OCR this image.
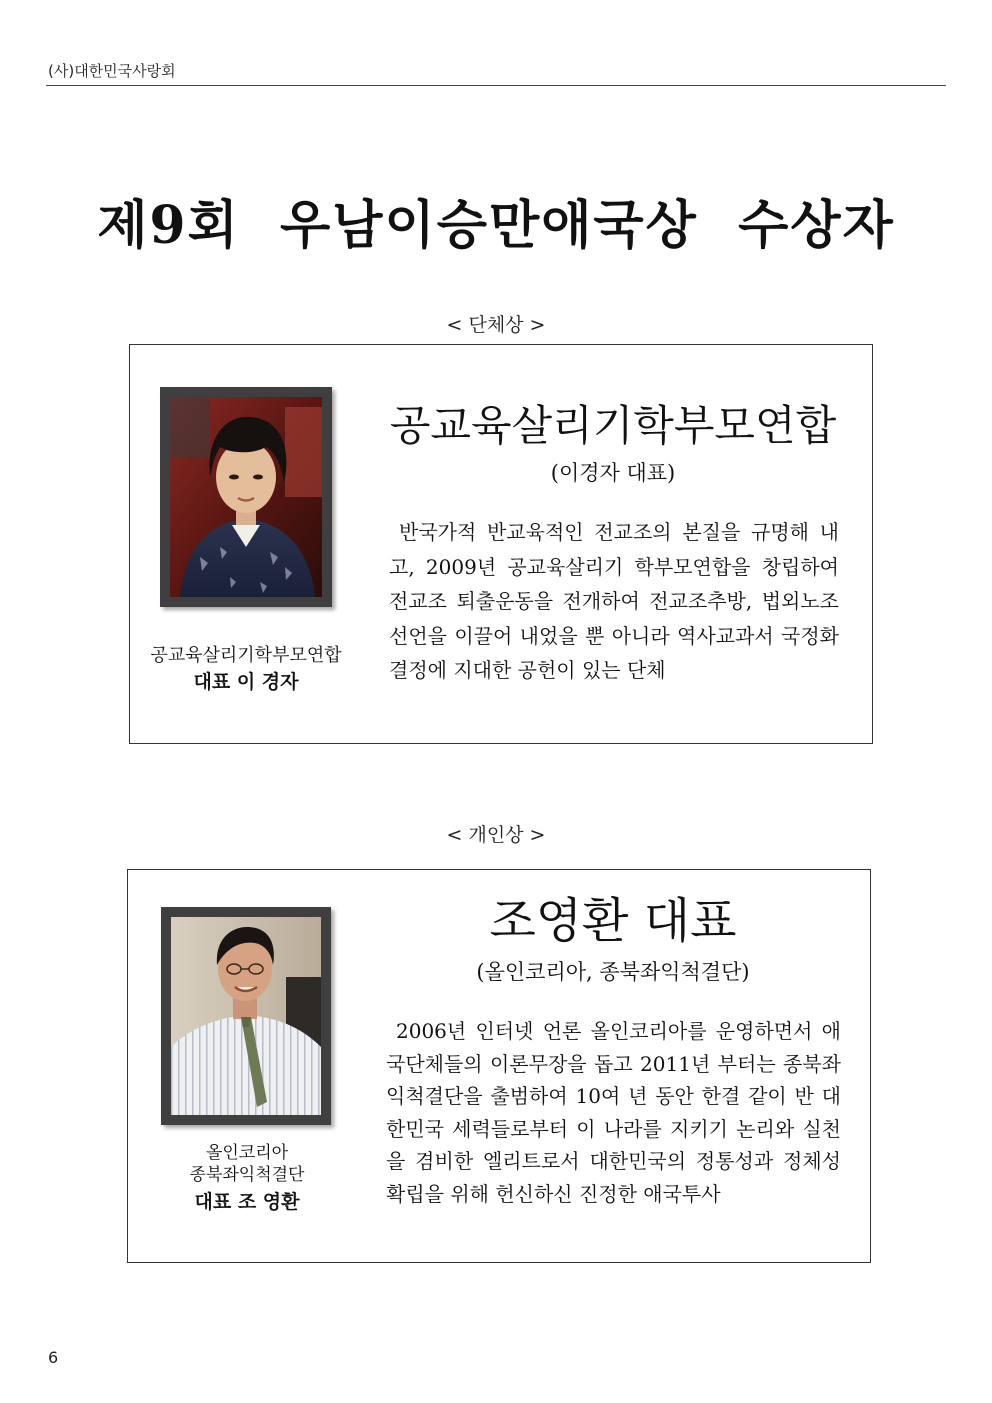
(사)대한민국사랑회
제9회  우남이승만애국상  수상자
< 단체상 >
공교육살리기학부모연합
대표 이 경자
공교육살리기학부모연합
(이경자 대표)
반국가적 반교육적인 전교조의 본질을 규명해 내고, 2009년 공교육살리기 학부모연합을 창립하여 전교조 퇴출운동을 전개하여 전교조추방, 법외노조선언을 이끌어 내었을 뿐 아니라 역사교과서 국정화 결정에 지대한 공헌이 있는 단체
< 개인상 >
올인코리아
종북좌익척결단
대표 조 영환
조영환 대표
(올인코리아, 종북좌익척결단)
2006년 인터넷 언론 올인코리아를 운영하면서 애국단체들의 이론무장을 돕고 2011년 부터는 종북좌익척결단을 출범하여 10여 년 동안 한결 같이 반 대한민국 세력들로부터 이 나라를 지키기 논리와 실천을 겸비한 엘리트로서 대한민국의 정통성과 정체성 확립을 위해 헌신하신 진정한 애국투사
6
